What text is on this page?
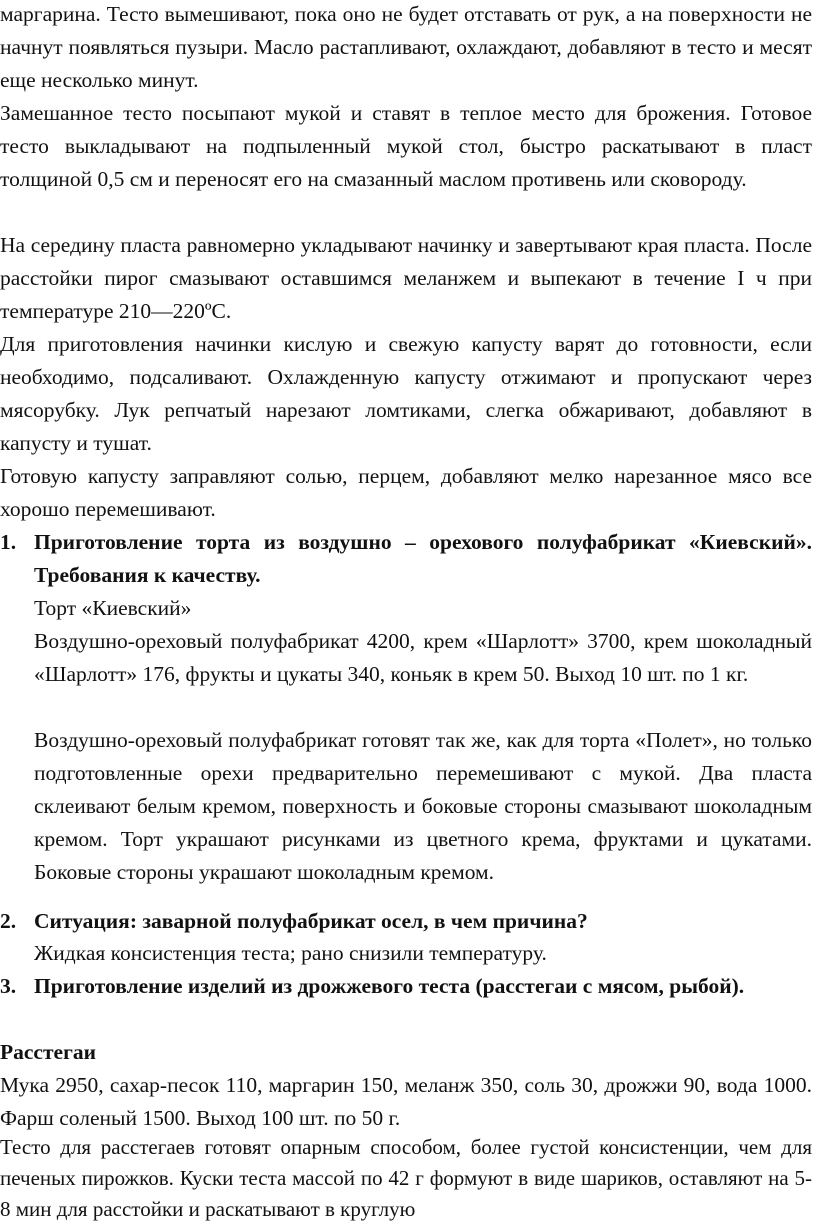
маргарина. Тесто вымешивают, пока оно не будет отставать от рук, а на поверхности не начнут появляться пузыри. Масло растапливают, охлаждают, добавляют в тесто и месят еще несколько минут.

Замешанное тесто посыпают мукой и ставят в теплое место для брожения. Готовое тесто выкладывают на подпыленный мукой стол, быстро раскатывают в пласт толщиной 0,5 см и переносят его на смазанный маслом противень или сковороду.

На середину пласта равномерно укладывают начинку и завертывают края пласта. После расстойки пирог смазывают оставшимся меланжем и выпекают в течение I ч при температуре 210—220ºС.

Для приготовления начинки кислую и свежую капусту варят до готовности, если необходимо, подсаливают. Охлажденную капусту отжимают и пропускают через мясорубку. Лук репчатый нарезают ломтиками, слегка обжаривают, добавляют в капусту и тушат.

Готовую капусту заправляют солью, перцем, добавляют мелко нарезанное мясо все хорошо перемешивают.

1. Приготовление торта из воздушно – орехового полуфабрикат «Киевский». Требования к качеству.
Торт «Киевский»
Воздушно-ореховый полуфабрикат 4200, крем «Шарлотт» 3700, крем шоколадный «Шарлотт» 176, фрукты и цукаты 340, коньяк в крем 50. Выход 10 шт. по 1 кг.
Воздушно-ореховый полуфабрикат готовят так же, как для торта «Полет», но только подготовленные орехи предварительно перемешивают с мукой. Два пласта склеивают белым кремом, поверхность и боковые стороны смазывают шоколадным кремом. Торт украшают рисунками из цветного крема, фруктами и цукатами. Боковые стороны украшают шоколадным кремом.
2. Ситуация: заварной полуфабрикат осел, в чем причина?
Жидкая консистенция теста; рано снизили температуру.
3. Приготовление изделий из дрожжевого теста (расстегаи с мясом, рыбой).
Расстегаи

Мука 2950, сахар-песок 110, маргарин 150, меланж 350, соль 30, дрожжи 90, вода 1000. Фарш соленый 1500. Выход 100 шт. по 50 г.

Тесто для расстегаев готовят опарным способом, более густой консистенции, чем для печеных пирожков. Куски теста массой по 42 г формуют в виде шариков, оставляют на 5-8 мин для расстойки и раскатывают в круглую
